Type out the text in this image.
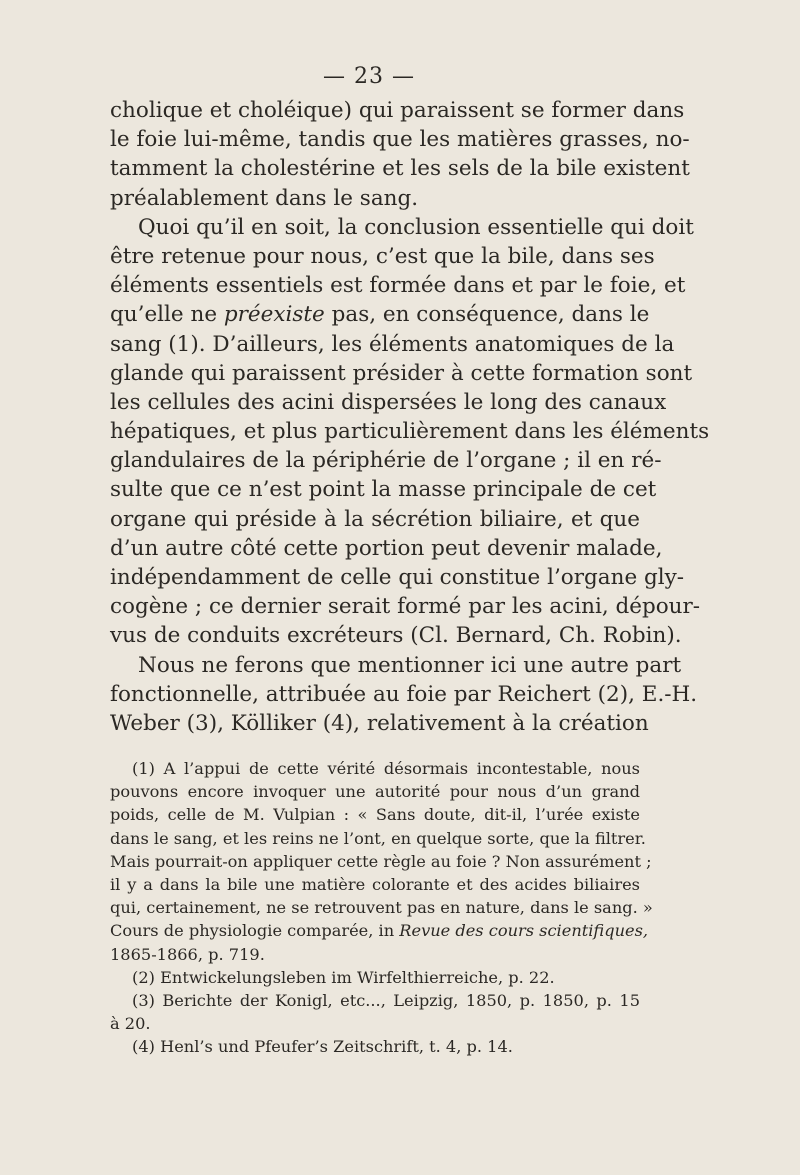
— 23 —
cholique et choléique) qui paraissent se former dans
le foie lui-même, tandis que les matières grasses, no-
tamment la cholestérine et les sels de la bile existent
préalablement dans le sang.
Quoi qu’il en soit, la conclusion essentielle qui doit
être retenue pour nous, c’est que la bile, dans ses
éléments essentiels est formée dans et par le foie, et
qu’elle ne préexiste pas, en conséquence, dans le
sang (1). D’ailleurs, les éléments anatomiques de la
glande qui paraissent présider à cette formation sont
les cellules des acini dispersées le long des canaux
hépatiques, et plus particulièrement dans les éléments
glandulaires de la périphérie de l’organe ; il en ré-
sulte que ce n’est point la masse principale de cet
organe qui préside à la sécrétion biliaire, et que
d’un autre côté cette portion peut devenir malade,
indépendamment de celle qui constitue l’organe gly-
cogène ; ce dernier serait formé par les acini, dépour-
vus de conduits excréteurs (Cl. Bernard, Ch. Robin).
Nous ne ferons que mentionner ici une autre part
fonctionnelle, attribuée au foie par Reichert (2), E.-H.
Weber (3), Kölliker (4), relativement à la création
(1) A l’appui de cette vérité désormais incontestable, nous
pouvons encore invoquer une autorité pour nous d’un grand
poids, celle de M. Vulpian : « Sans doute, dit-il, l’urée existe
dans le sang, et les reins ne l’ont, en quelque sorte, que la filtrer.
Mais pourrait-on appliquer cette règle au foie ? Non assurément ;
il y a dans la bile une matière colorante et des acides biliaires
qui, certainement, ne se retrouvent pas en nature, dans le sang. »
Cours de physiologie comparée, in Revue des cours scientifiques,
1865-1866, p. 719.
(2) Entwickelungsleben im Wirfelthierreiche, p. 22.
(3) Berichte der Konigl, etc..., Leipzig, 1850, p. 1850, p. 15
à 20.
(4) Henl’s und Pfeufer’s Zeitschrift, t. 4, p. 14.
